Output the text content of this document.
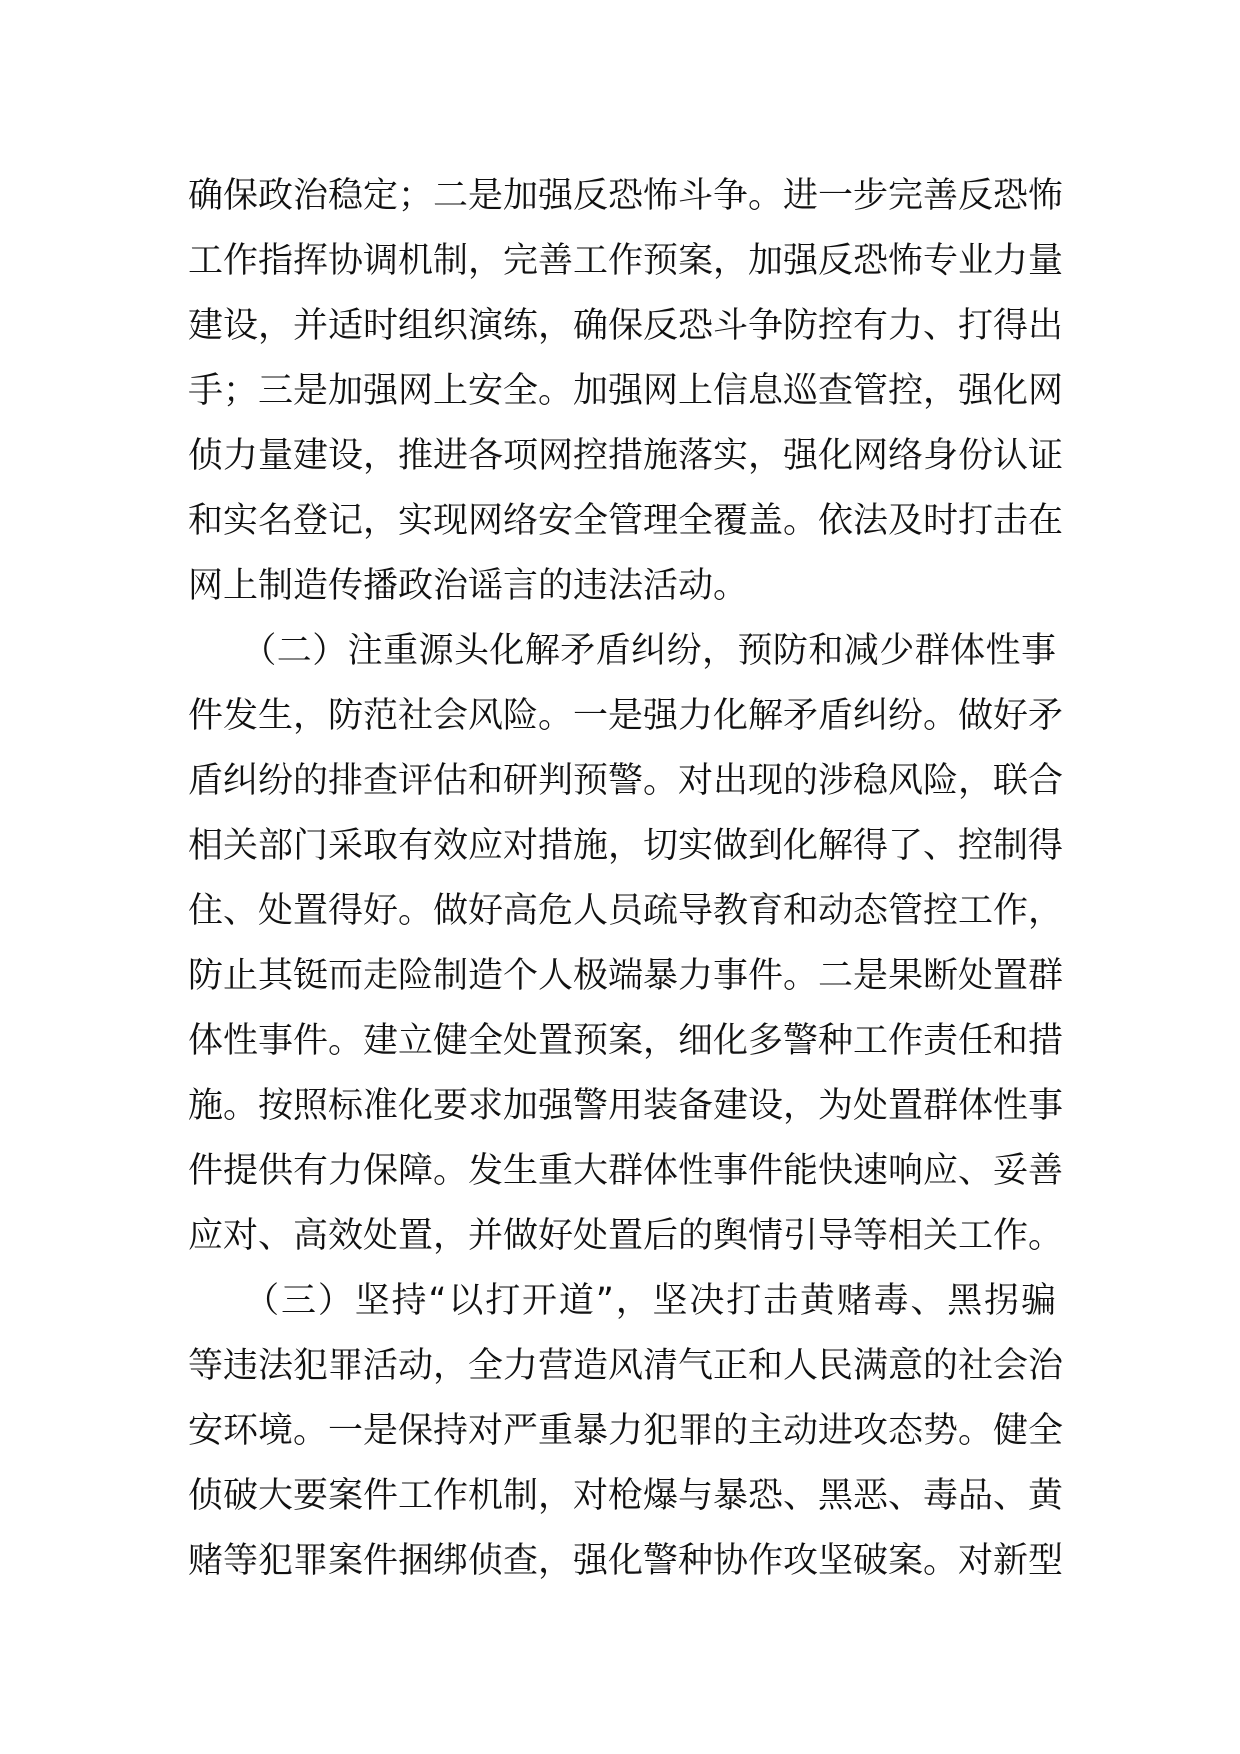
确保政治稳定；二是加强反恐怖斗争。进一步完善反恐怖
工作指挥协调机制，完善工作预案，加强反恐怖专业力量
建设，并适时组织演练，确保反恐斗争防控有力、打得出
手；三是加强网上安全。加强网上信息巡查管控，强化网
侦力量建设，推进各项网控措施落实，强化网络身份认证
和实名登记，实现网络安全管理全覆盖。依法及时打击在
网上制造传播政治谣言的违法活动。
　　（二）注重源头化解矛盾纠纷，预防和减少群体性事
件发生，防范社会风险。一是强力化解矛盾纠纷。做好矛
盾纠纷的排查评估和研判预警。对出现的涉稳风险，联合
相关部门采取有效应对措施，切实做到化解得了、控制得
住、处置得好。做好高危人员疏导教育和动态管控工作，
防止其铤而走险制造个人极端暴力事件。二是果断处置群
体性事件。建立健全处置预案，细化多警种工作责任和措
施。按照标准化要求加强警用装备建设，为处置群体性事
件提供有力保障。发生重大群体性事件能快速响应、妥善
应对、高效处置，并做好处置后的舆情引导等相关工作。
　　（三）坚持“以打开道”，坚决打击黄赌毒、黑拐骗
等违法犯罪活动，全力营造风清气正和人民满意的社会治
安环境。一是保持对严重暴力犯罪的主动进攻态势。健全
侦破大要案件工作机制，对枪爆与暴恐、黑恶、毒品、黄
赌等犯罪案件捆绑侦查，强化警种协作攻坚破案。对新型
